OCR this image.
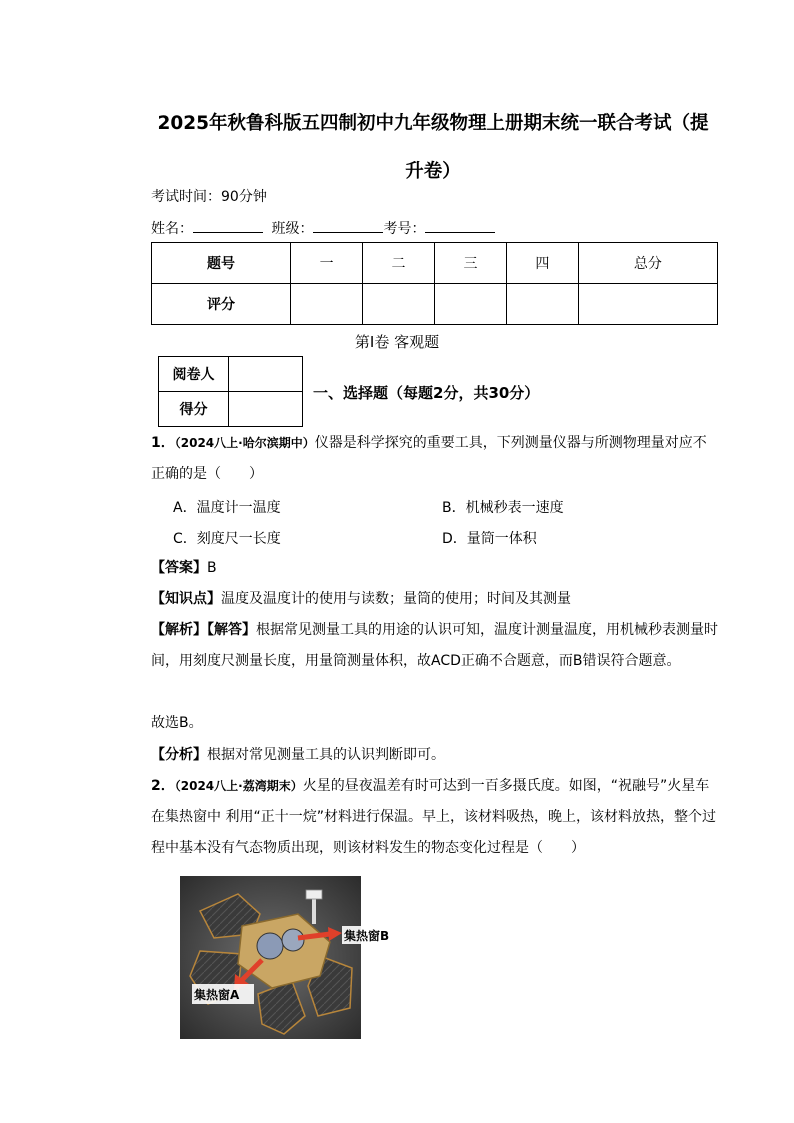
2025年秋鲁科版五四制初中九年级物理上册期末统一联合考试（提升卷）
考试时间：90分钟
姓名：	班级：	考号：
题号	一	二	三	四	总分
评分					
第Ⅰ卷 客观题
阅卷人	
得分	
一、选择题（每题2分，共30分）
1．（2024八上·哈尔滨期中）仪器是科学探究的重要工具，下列测量仪器与所测物理量对应不正确的是（　　）
A．温度计一温度	B．机械秒表一速度
C．刻度尺一长度	D．量筒一体积
【答案】B
【知识点】温度及温度计的使用与读数；量筒的使用；时间及其测量
【解析】【解答】根据常见测量工具的用途的认识可知，温度计测量温度，用机械秒表测量时间，用刻度尺测量长度，用量筒测量体积，故ACD正确不合题意，而B错误符合题意。
故选B。
【分析】根据对常见测量工具的认识判断即可。
2．（2024八上·荔湾期末）火星的昼夜温差有时可达到一百多摄氏度。如图，“祝融号”火星车在集热窗中 利用“正十一烷”材料进行保温。早上，该材料吸热，晚上，该材料放热，整个过程中基本没有气态物质出现，则该材料发生的物态变化过程是（　　）
集热窗B
集热窗A
